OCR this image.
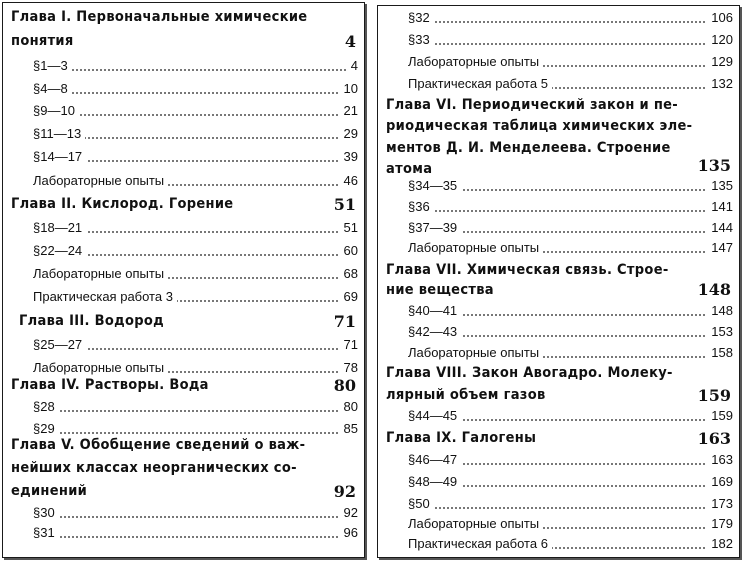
Глава I. Первоначальные химические
понятия	4
§1—3	4
§4—8	10
§9—10	21
§11—13	29
§14—17	39
Лабораторные опыты	46
Глава II. Кислород. Горение	51
§18—21	51
§22—24	60
Лабораторные опыты	68
Практическая работа 3	69
Глава III. Водород	71
§25—27	71
Лабораторные опыты	78
Глава IV. Растворы. Вода	80
§28	80
§29	85
Глава V. Обобщение сведений о важ-
нейших классах неорганических со-
единений	92
§30	92
§31	96
§32	106
§33	120
Лабораторные опыты	129
Практическая работа 5	132
Глава VI. Периодический закон и пе-
риодическая таблица химических эле-
ментов Д. И. Менделеева. Строение
атома	135
§34—35	135
§36	141
§37—39	144
Лабораторные опыты	147
Глава VII. Химическая связь. Строе-
ние вещества	148
§40—41	148
§42—43	153
Лабораторные опыты	158
Глава VIII. Закон Авогадро. Молеку-
лярный объем газов	159
§44—45	159
Глава IX. Галогены	163
§46—47	163
§48—49	169
§50	173
Лабораторные опыты	179
Практическая работа 6	182
